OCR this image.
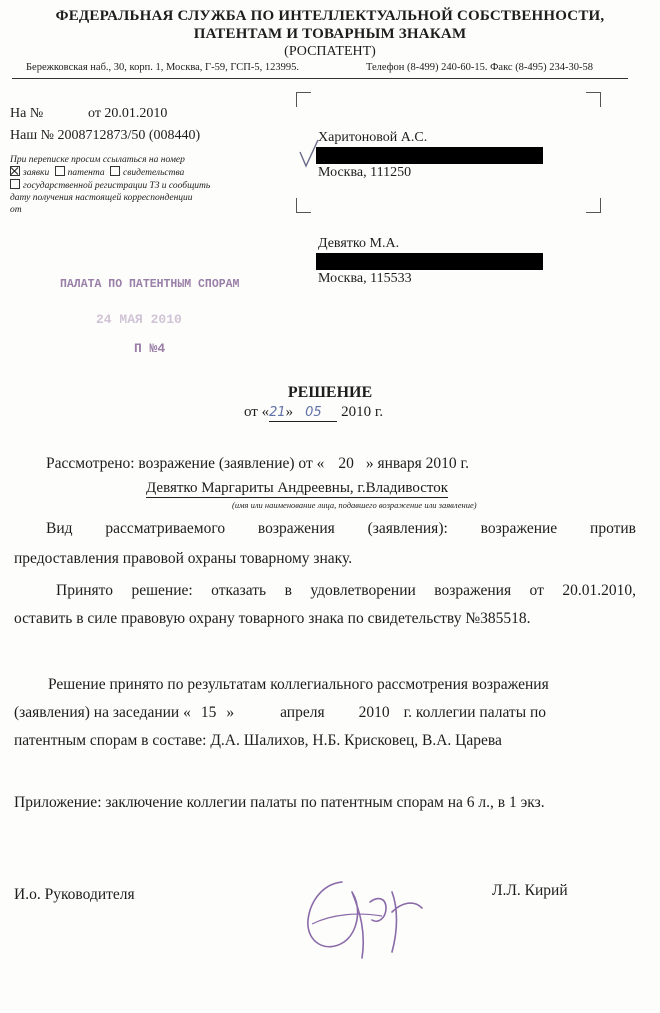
ФЕДЕРАЛЬНАЯ СЛУЖБА ПО ИНТЕЛЛЕКТУАЛЬНОЙ СОБСТВЕННОСТИ,
ПАТЕНТАМ И ТОВАРНЫМ ЗНАКАМ
(РОСПАТЕНТ)
Бережковская наб., 30, корп. 1, Москва, Г-59, ГСП-5, 123995.	Телефон (8-499) 240-60-15. Факс (8-495) 234-30-58
На №	от 20.01.2010
Наш № 2008712873/50 (008440)
При переписке просим ссылаться на номер
заявки патента свидетельства
государственной регистрации ТЗ и сообщить
дату получения настоящей корреспонденции
от
Харитоновой А.С.
Москва, 111250
Девятко М.А.
Москва, 115533
ПАЛАТА ПО ПАТЕНТНЫМ СПОРАМ
24 МАЯ 2010
П №4
РЕШЕНИЕ
от «21» 05 2010 г.
Рассмотрено: возражение (заявление) от « 20 » января 2010 г.
Девятко Маргариты Андреевны, г.Владивосток
(имя или наименование лица, подавшего возражение или заявление)
Вид рассматриваемого возражения (заявления): возражение против
предоставления правовой охраны товарному знаку.
Принято решение: отказать в удовлетворении возражения от 20.01.2010,
оставить в силе правовую охрану товарного знака по свидетельству №385518.
Решение принято по результатам коллегиального рассмотрения возражения
(заявления) на заседании « 15 »	апреля 2010 г. коллегии палаты по
патентным спорам в составе: Д.А. Шалихов, Н.Б. Крисковец, В.А. Царева
Приложение: заключение коллегии палаты по патентным спорам на 6 л., в 1 экз.
И.о. Руководителя	Л.Л. Кирий
